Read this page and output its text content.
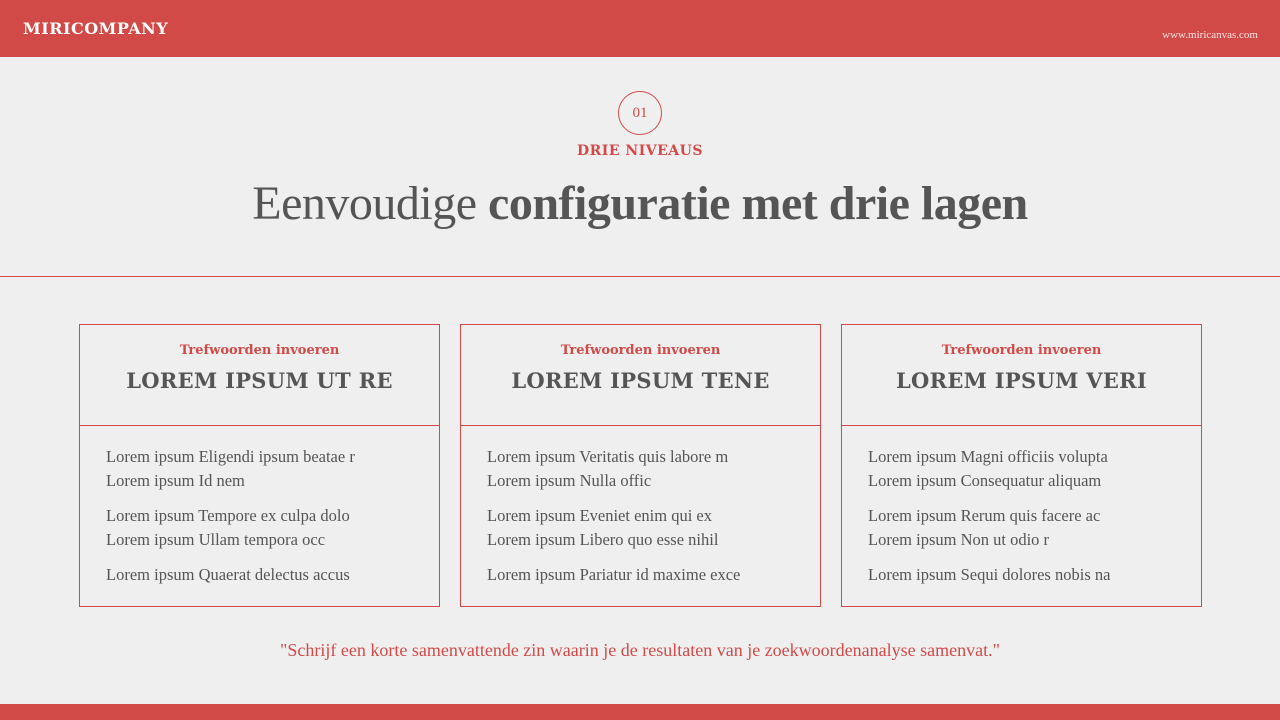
MIRICOMPANY	www.miricanvas.com
01
DRIE NIVEAUS
Eenvoudige configuratie met drie lagen
Trefwoorden invoeren
LOREM IPSUM UT RE
Lorem ipsum Eligendi ipsum beatae r
Lorem ipsum Id nem
Lorem ipsum Tempore ex culpa dolo
Lorem ipsum Ullam tempora occ
Lorem ipsum Quaerat delectus accus
Trefwoorden invoeren
LOREM IPSUM TENE
Lorem ipsum Veritatis quis labore m
Lorem ipsum Nulla offic
Lorem ipsum Eveniet enim qui ex
Lorem ipsum Libero quo esse nihil
Lorem ipsum Pariatur id maxime exce
Trefwoorden invoeren
LOREM IPSUM VERI
Lorem ipsum Magni officiis volupta
Lorem ipsum Consequatur aliquam
Lorem ipsum Rerum quis facere ac
Lorem ipsum Non ut odio r
Lorem ipsum Sequi dolores nobis na
"Schrijf een korte samenvattende zin waarin je de resultaten van je zoekwoordenanalyse samenvat."
